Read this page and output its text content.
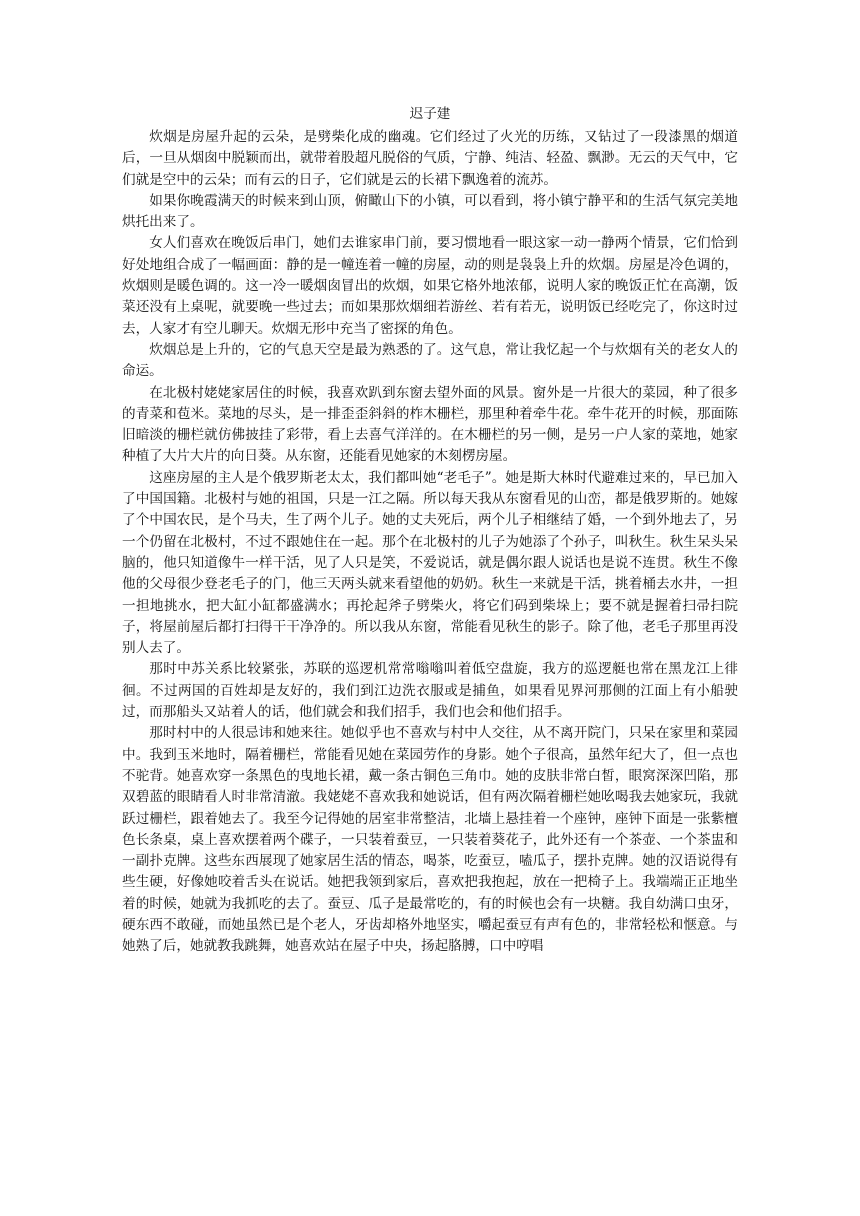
迟子建

炊烟是房屋升起的云朵，是劈柴化成的幽魂。它们经过了火光的历练，又钻过了一段漆黑的烟道后，一旦从烟囱中脱颖而出，就带着股超凡脱俗的气质，宁静、纯洁、轻盈、飘渺。无云的天气中，它们就是空中的云朵；而有云的日子，它们就是云的长裙下飘逸着的流苏。

如果你晚霞满天的时候来到山顶，俯瞰山下的小镇，可以看到，将小镇宁静平和的生活气氛完美地烘托出来了。

女人们喜欢在晚饭后串门，她们去谁家串门前，要习惯地看一眼这家一动一静两个情景，它们恰到好处地组合成了一幅画面：静的是一幢连着一幢的房屋，动的则是袅袅上升的炊烟。房屋是冷色调的，炊烟则是暖色调的。这一冷一暖烟囱冒出的炊烟，如果它格外地浓郁，说明人家的晚饭正忙在高潮，饭菜还没有上桌呢，就要晚一些过去；而如果那炊烟细若游丝、若有若无，说明饭已经吃完了，你这时过去，人家才有空儿聊天。炊烟无形中充当了密探的角色。

炊烟总是上升的，它的气息天空是最为熟悉的了。这气息，常让我忆起一个与炊烟有关的老女人的命运。

在北极村姥姥家居住的时候，我喜欢趴到东窗去望外面的风景。窗外是一片很大的菜园，种了很多的青菜和苞米。菜地的尽头，是一排歪歪斜斜的柞木栅栏，那里种着牵牛花。牵牛花开的时候，那面陈旧暗淡的栅栏就仿佛披挂了彩带，看上去喜气洋洋的。在木栅栏的另一侧，是另一户人家的菜地，她家种植了大片大片的向日葵。从东窗，还能看见她家的木刻楞房屋。

这座房屋的主人是个俄罗斯老太太，我们都叫她“老毛子”。她是斯大林时代避难过来的，早已加入了中国国籍。北极村与她的祖国，只是一江之隔。所以每天我从东窗看见的山峦，都是俄罗斯的。她嫁了个中国农民，是个马夫，生了两个儿子。她的丈夫死后，两个儿子相继结了婚，一个到外地去了，另一个仍留在北极村，不过不跟她住在一起。那个在北极村的儿子为她添了个孙子，叫秋生。秋生呆头呆脑的，他只知道像牛一样干活，见了人只是笑，不爱说话，就是偶尔跟人说话也是说不连贯。秋生不像他的父母很少登老毛子的门，他三天两头就来看望他的奶奶。秋生一来就是干活，挑着桶去水井，一担一担地挑水，把大缸小缸都盛满水；再抡起斧子劈柴火，将它们码到柴垛上；要不就是握着扫帚扫院子，将屋前屋后都打扫得干干净净的。所以我从东窗，常能看见秋生的影子。除了他，老毛子那里再没别人去了。

那时中苏关系比较紧张，苏联的巡逻机常常嗡嗡叫着低空盘旋，我方的巡逻艇也常在黑龙江上徘徊。不过两国的百姓却是友好的，我们到江边洗衣服或是捕鱼，如果看见界河那侧的江面上有小船驶过，而那船头又站着人的话，他们就会和我们招手，我们也会和他们招手。

那时村中的人很忌讳和她来往。她似乎也不喜欢与村中人交往，从不离开院门，只呆在家里和菜园中。我到玉米地时，隔着栅栏，常能看见她在菜园劳作的身影。她个子很高，虽然年纪大了，但一点也不驼背。她喜欢穿一条黑色的曳地长裙，戴一条古铜色三角巾。她的皮肤非常白皙，眼窝深深凹陷，那双碧蓝的眼睛看人时非常清澈。我姥姥不喜欢我和她说话，但有两次隔着栅栏她吆喝我去她家玩，我就跃过栅栏，跟着她去了。我至今记得她的居室非常整洁，北墙上悬挂着一个座钟，座钟下面是一张紫檀色长条桌，桌上喜欢摆着两个碟子，一只装着蚕豆，一只装着葵花子，此外还有一个茶壶、一个茶盅和一副扑克牌。这些东西展现了她家居生活的情态，喝茶，吃蚕豆，嗑瓜子，摆扑克牌。她的汉语说得有些生硬，好像她咬着舌头在说话。她把我领到家后，喜欢把我抱起，放在一把椅子上。我端端正正地坐着的时候，她就为我抓吃的去了。蚕豆、瓜子是最常吃的，有的时候也会有一块糖。我自幼满口虫牙，硬东西不敢碰，而她虽然已是个老人，牙齿却格外地坚实，嚼起蚕豆有声有色的，非常轻松和惬意。与她熟了后，她就教我跳舞，她喜欢站在屋子中央，扬起胳膊，口中哼唱
